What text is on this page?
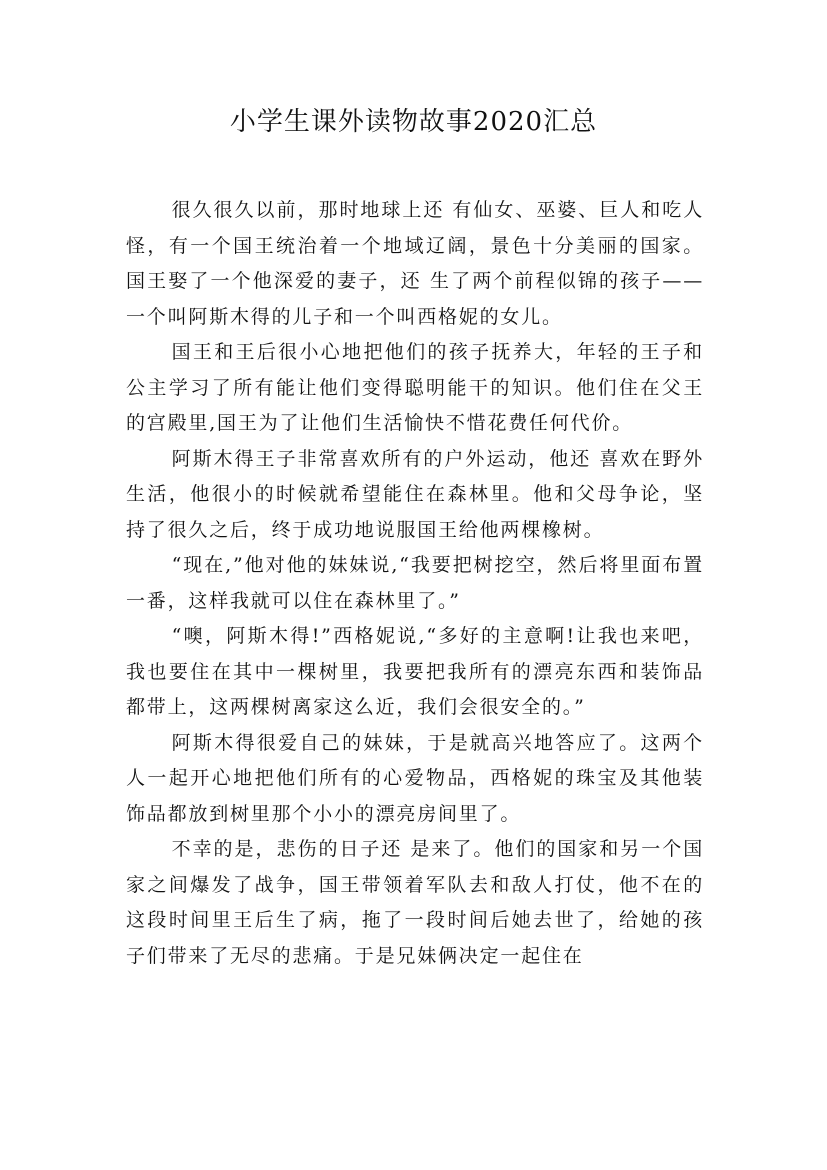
小学生课外读物故事2020汇总

很久很久以前，那时地球上还 有仙女、巫婆、巨人和吃人怪，有一个国王统治着一个地域辽阔，景色十分美丽的国家。国王娶了一个他深爱的妻子，还 生了两个前程似锦的孩子——一个叫阿斯木得的儿子和一个叫西格妮的女儿。

国王和王后很小心地把他们的孩子抚养大，年轻的王子和公主学习了所有能让他们变得聪明能干的知识。他们住在父王的宫殿里,国王为了让他们生活愉快不惜花费任何代价。

阿斯木得王子非常喜欢所有的户外运动，他还 喜欢在野外生活，他很小的时候就希望能住在森林里。他和父母争论，坚持了很久之后，终于成功地说服国王给他两棵橡树。

“现在,”他对他的妹妹说,“我要把树挖空，然后将里面布置一番，这样我就可以住在森林里了。”

“噢，阿斯木得!”西格妮说,“多好的主意啊!让我也来吧，我也要住在其中一棵树里，我要把我所有的漂亮东西和装饰品都带上，这两棵树离家这么近，我们会很安全的。”

阿斯木得很爱自己的妹妹，于是就高兴地答应了。这两个人一起开心地把他们所有的心爱物品，西格妮的珠宝及其他装饰品都放到树里那个小小的漂亮房间里了。

不幸的是，悲伤的日子还 是来了。他们的国家和另一个国家之间爆发了战争，国王带领着军队去和敌人打仗，他不在的这段时间里王后生了病，拖了一段时间后她去世了，给她的孩子们带来了无尽的悲痛。于是兄妹俩决定一起住在
